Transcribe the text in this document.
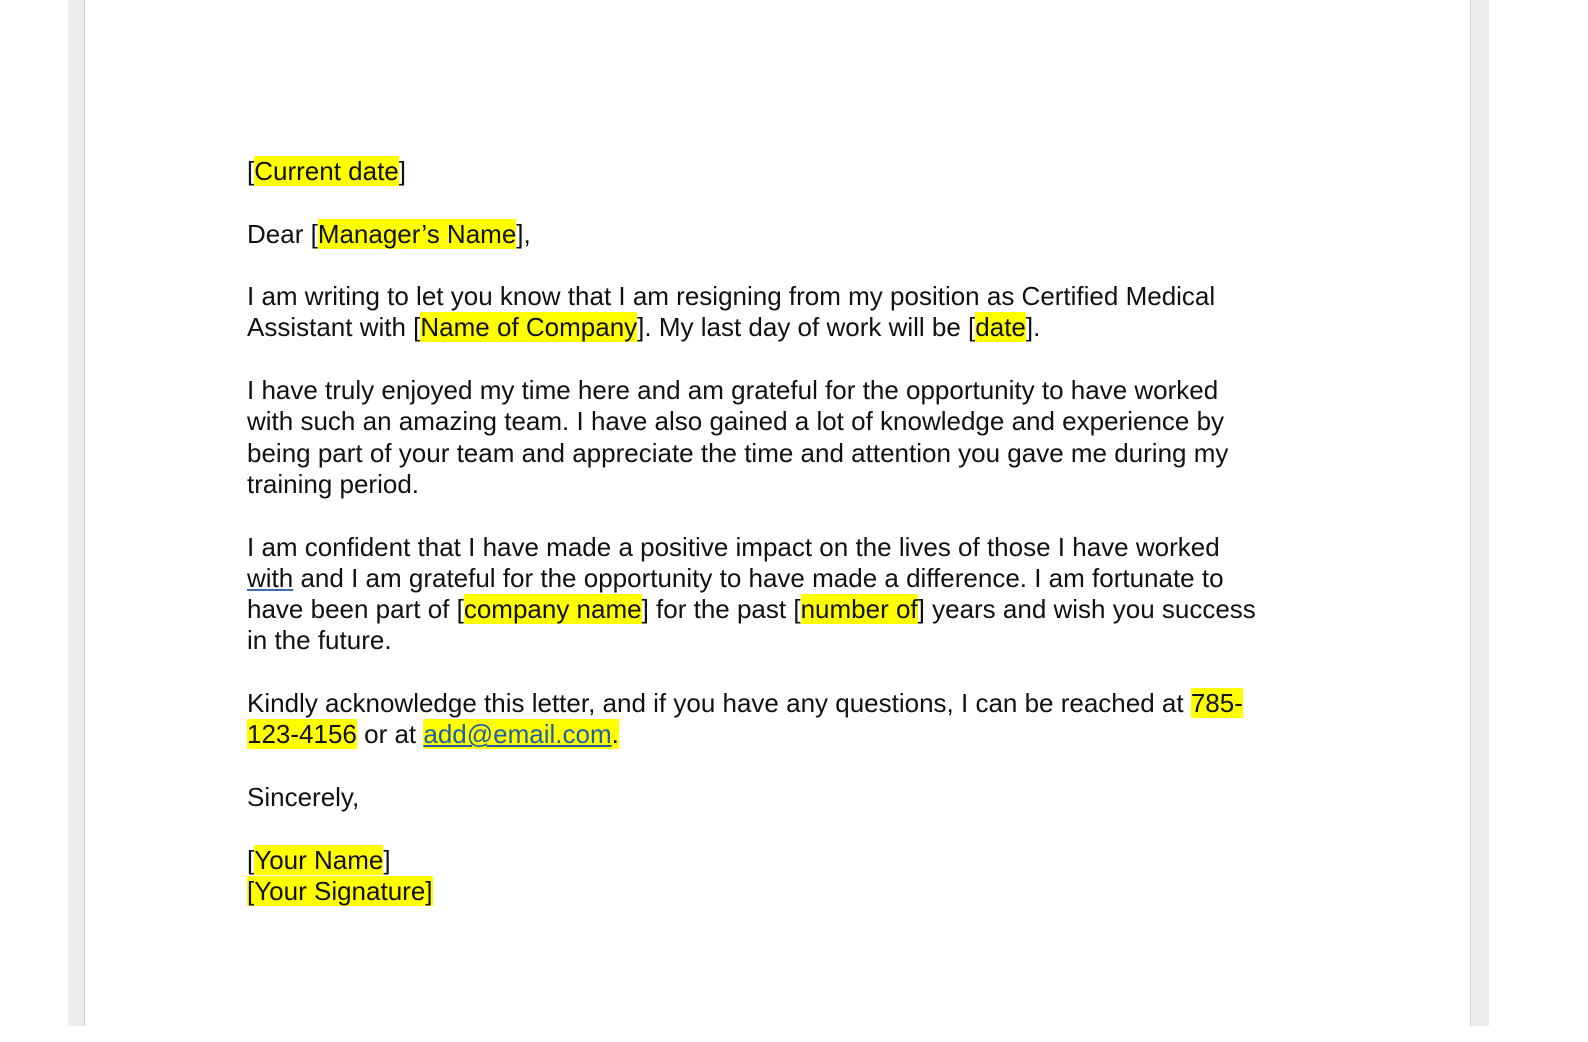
[Current date]
Dear [Manager’s Name],
I am writing to let you know that I am resigning from my position as Certified Medical
Assistant with [Name of Company]. My last day of work will be [date].
I have truly enjoyed my time here and am grateful for the opportunity to have worked
with such an amazing team. I have also gained a lot of knowledge and experience by
being part of your team and appreciate the time and attention you gave me during my
training period.
I am confident that I have made a positive impact on the lives of those I have worked
with and I am grateful for the opportunity to have made a difference. I am fortunate to
have been part of [company name] for the past [number of] years and wish you success
in the future.
Kindly acknowledge this letter, and if you have any questions, I can be reached at 785-
123-4156 or at add@email.com.
Sincerely,
[Your Name]
[Your Signature]
